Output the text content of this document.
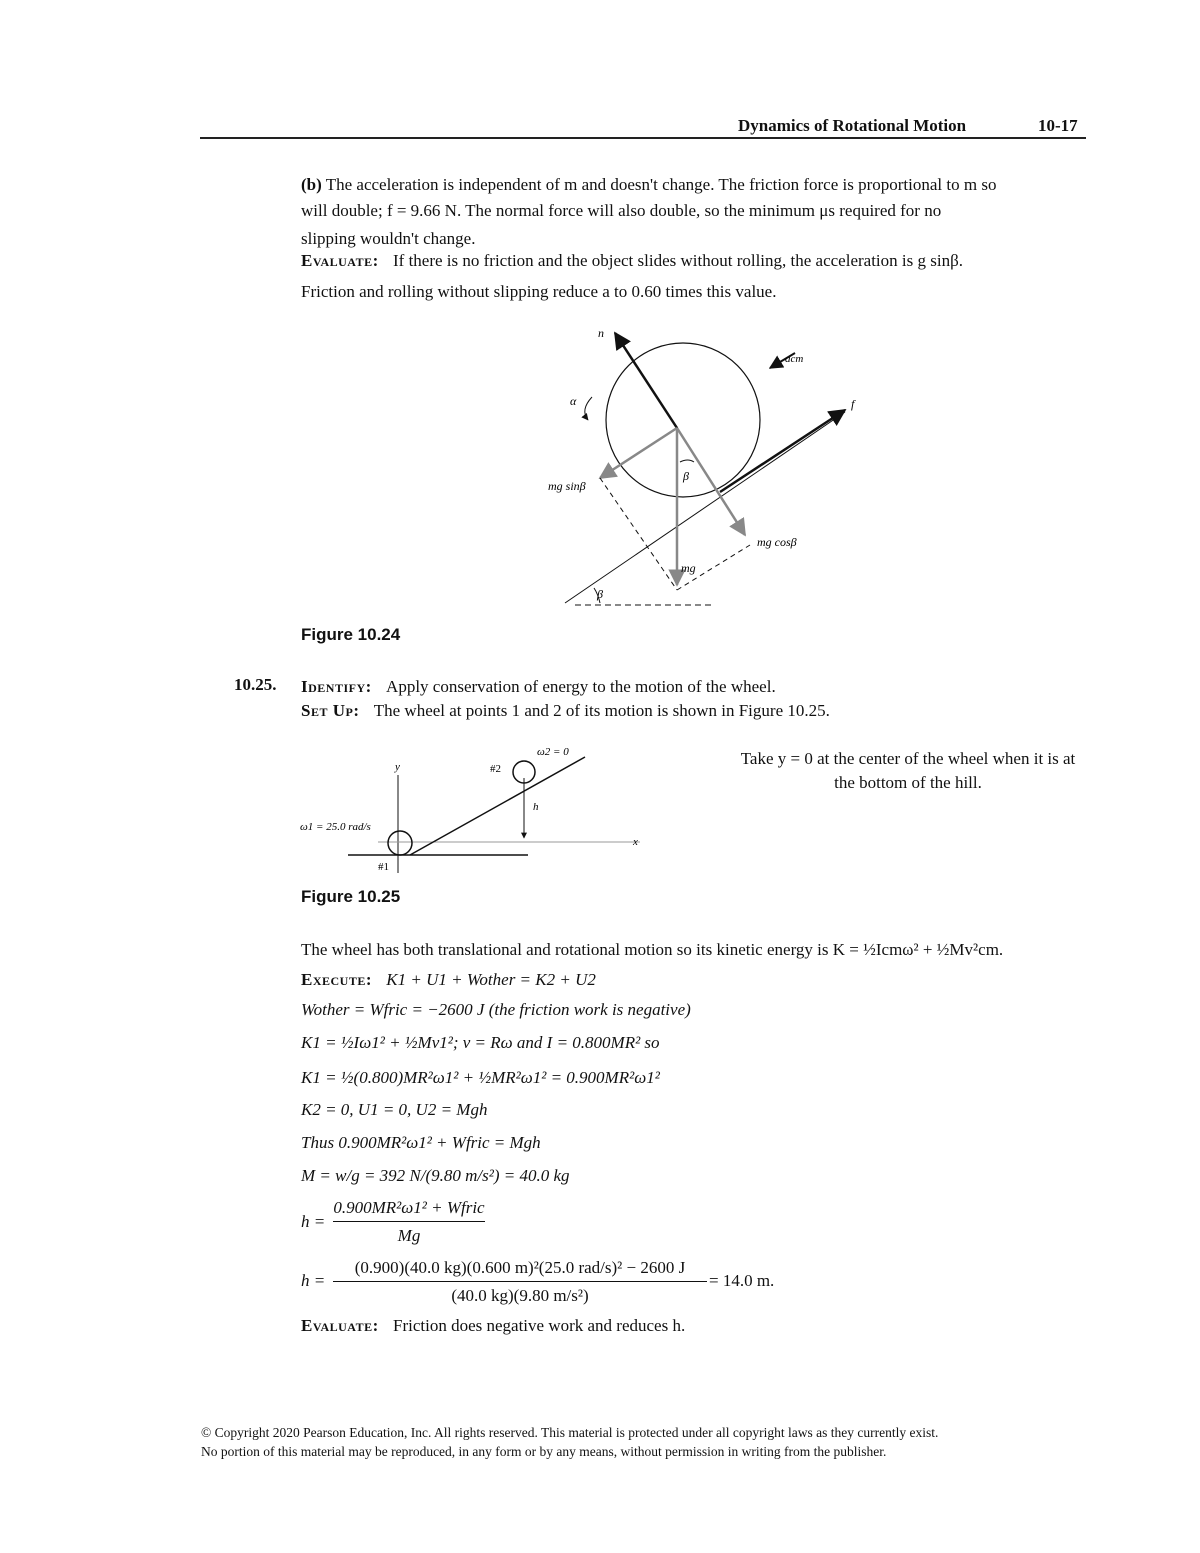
Dynamics of Rotational Motion	10-17
(b) The acceleration is independent of m and doesn't change. The friction force is proportional to m so
will double; f = 9.66 N. The normal force will also double, so the minimum μs required for no
slipping wouldn't change.
Evaluate: If there is no friction and the object slides without rolling, the acceleration is g sinβ.
Friction and rolling without slipping reduce a to 0.60 times this value.
n
acm
f
α
β
mg sinβ
mg cosβ
mg
β
Figure 10.24
10.25. Identify: Apply conservation of energy to the motion of the wheel.
Set Up: The wheel at points 1 and 2 of its motion is shown in Figure 10.25.
ω2 = 0
ω1 = 25.0 rad/s
y
x
h
#1
#2
Take y = 0 at the center of the wheel when it is at
the bottom of the hill.
Figure 10.25
The wheel has both translational and rotational motion so its kinetic energy is K = ½Icmω² + ½Mv²cm.
Execute: K1 + U1 + Wother = K2 + U2
Wother = Wfric = −2600 J (the friction work is negative)
K1 = ½Iω1² + ½Mv1²; v = Rω and I = 0.800MR² so
K1 = ½(0.800)MR²ω1² + ½MR²ω1² = 0.900MR²ω1²
K2 = 0, U1 = 0, U2 = Mgh
Thus 0.900MR²ω1² + Wfric = Mgh
M = w/g = 392 N/(9.80 m/s²) = 40.0 kg
h =
0.900MR²ω1² + Wfric
Mg
h =
(0.900)(40.0 kg)(0.600 m)²(25.0 rad/s)² − 2600 J
(40.0 kg)(9.80 m/s²)
= 14.0 m.
Evaluate: Friction does negative work and reduces h.
© Copyright 2020 Pearson Education, Inc. All rights reserved. This material is protected under all copyright laws as they currently exist.
No portion of this material may be reproduced, in any form or by any means, without permission in writing from the publisher.
